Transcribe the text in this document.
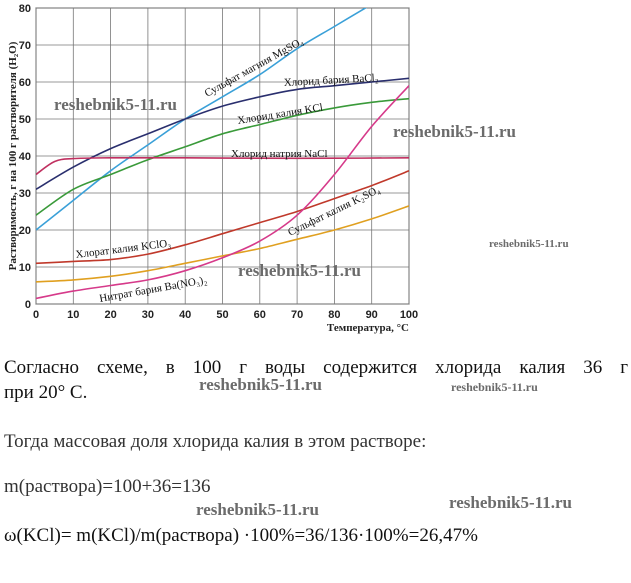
0	10 20 30 40 50 60 70 80 90 100
0
10
20
30
40
50
60
70
80
Температура, °С
Растворимость, г на 100 г растворителя (H₂O)	Сульфат магния MgSO₄
Хлорид бария BaCl₂
Хлорид калия KCl
Хлорид натрия NaCl
Хлорат калия KClO₃
Сульфат калия K₂SO₄
Нитрат бария Ba(NO₃)₂
reshebnik5-11.ru
reshebnik5-11.ru
reshebnik5-11.ru
reshebnik5-11.ru
Согласно схеме, в 100 г воды содержится хлорида калия 36 г
при 20° С.
Тогда массовая доля хлорида калия в этом растворе:
m(раствора)=100+36=136
ω(KCl)= m(KCl)/m(раствора) ·100%=36/136·100%=26,47%
reshebnik5-11.ru	reshebnik5-11.ru
reshebnik5-11.ru	reshebnik5-11.ru
